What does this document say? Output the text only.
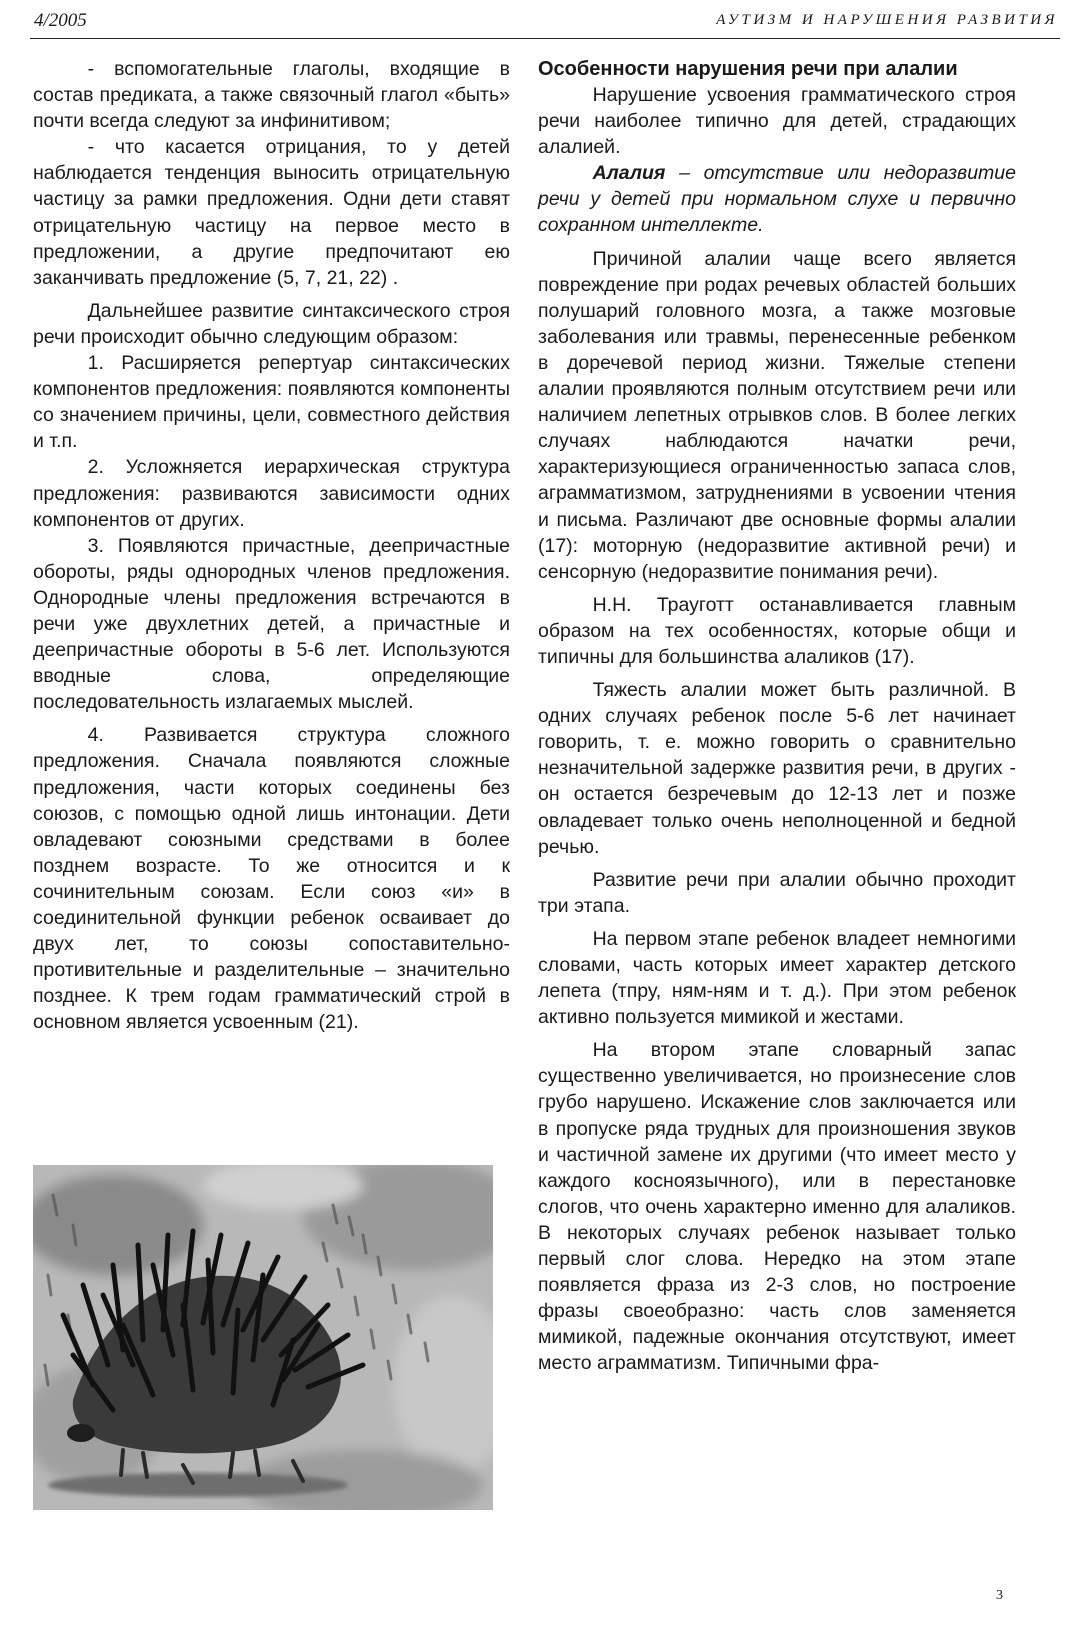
4/2005	АУТИЗМ И НАРУШЕНИЯ РАЗВИТИЯ

- вспомогательные глаголы, входящие в состав предиката, а также связочный глагол «быть» почти всегда следуют за инфинитивом;

- что касается отрицания, то у детей наблюдается тенденция выносить отрицательную частицу за рамки предложения. Одни дети ставят отрицательную частицу на первое место в предложении, а другие предпочитают ею заканчивать предложение (5, 7, 21, 22) .

Дальнейшее развитие синтаксического строя речи происходит обычно следующим образом:

1. Расширяется репертуар синтаксических компонентов предложения: появляются компоненты со значением причины, цели, совместного действия и т.п.

2. Усложняется иерархическая структура предложения: развиваются зависимости одних компонентов от других.

3. Появляются причастные, деепричастные обороты, ряды однородных членов предложения. Однородные члены предложения встречаются в речи уже двухлетних детей, а причастные и деепричастные обороты в 5-6 лет. Используются вводные слова, определяющие последовательность излагаемых мыслей.

4. Развивается структура сложного предложения. Сначала появляются сложные предложения, части которых соединены без союзов, с помощью одной лишь интонации. Дети овладевают союзными средствами в более позднем возрасте. То же относится и к сочинительным союзам. Если союз «и» в соединительной функции ребенок осваивает до двух лет, то союзы сопоставительно-противительные и разделительные – значительно позднее. К трем годам грамматический строй в основном является усвоенным (21).

Особенности нарушения речи при алалии

Нарушение усвоения грамматического строя речи наиболее типично для детей, страдающих алалией.

Алалия – отсутствие или недоразвитие речи у детей при нормальном слухе и первично сохранном интеллекте.

Причиной алалии чаще всего является повреждение при родах речевых областей больших полушарий головного мозга, а также мозговые заболевания или травмы, перенесенные ребенком в доречевой период жизни. Тяжелые степени алалии проявляются полным отсутствием речи или наличием лепетных отрывков слов. В более легких случаях наблюдаются начатки речи, характеризующиеся ограниченностью запаса слов, аграмматизмом, затруднениями в усвоении чтения и письма. Различают две основные формы алалии (17): моторную (недоразвитие активной речи) и сенсорную (недоразвитие понимания речи).

Н.Н. Трауготт останавливается главным образом на тех особенностях, которые общи и типичны для большинства алаликов (17).

Тяжесть алалии может быть различной. В одних случаях ребенок после 5-6 лет начинает говорить, т. е. можно говорить о сравнительно незначительной задержке развития речи, в других - он остается безречевым до 12-13 лет и позже овладевает только очень неполноценной и бедной речью.

Развитие речи при алалии обычно проходит три этапа.

На первом этапе ребенок владеет немногими словами, часть которых имеет характер детского лепета (тпру, ням-ням и т. д.). При этом ребенок активно пользуется мимикой и жестами.

На втором этапе словарный запас существенно увеличивается, но произнесение слов грубо нарушено. Искажение слов заключается или в пропуске ряда трудных для произношения звуков и частичной замене их другими (что имеет место у каждого косноязычного), или в перестановке слогов, что очень характерно именно для алаликов. В некоторых случаях ребенок называет только первый слог слова. Нередко на этом этапе появляется фраза из 2-3 слов, но построение фразы своеобразно: часть слов заменяется мимикой, падежные окончания отсутствуют, имеет место аграмматизм. Типичными фра-

3
